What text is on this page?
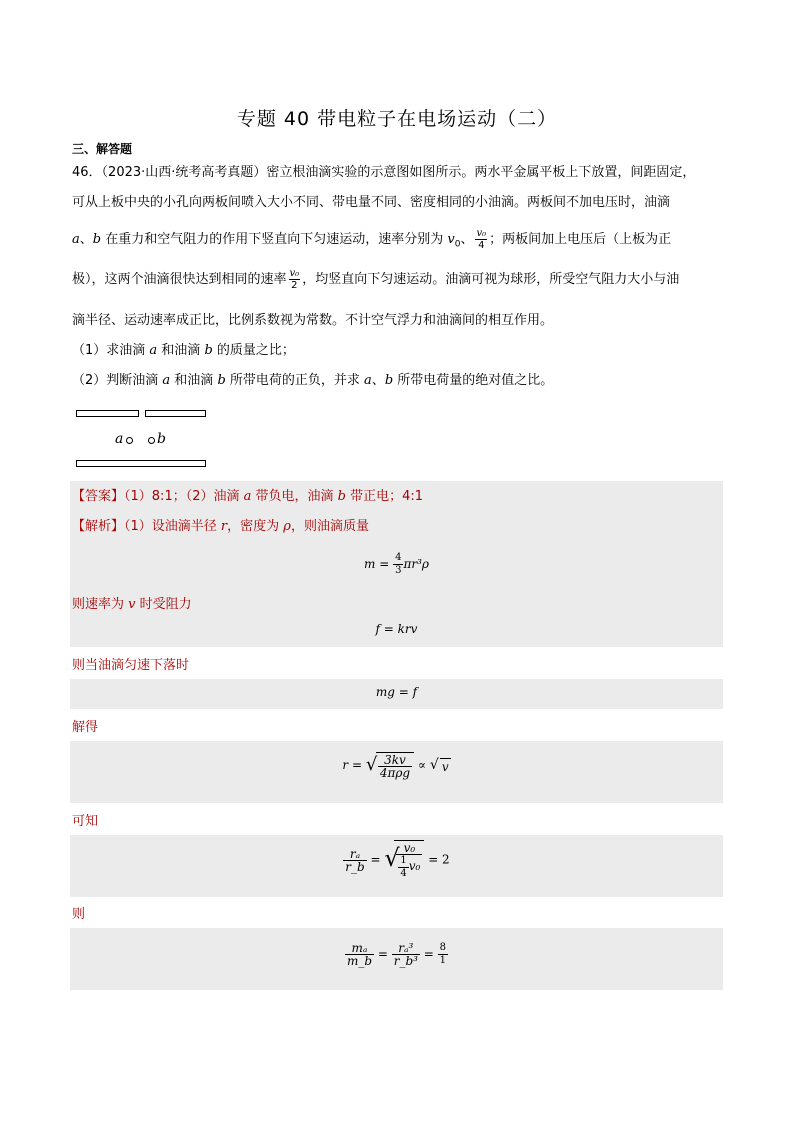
专题 40 带电粒子在电场运动（二）
三、解答题
46．（2023·山西·统考高考真题）密立根油滴实验的示意图如图所示。两水平金属平板上下放置，间距固定，
可从上板中央的小孔向两板间喷入大小不同、带电量不同、密度相同的小油滴。两板间不加电压时，油滴
a、b 在重力和空气阻力的作用下竖直向下匀速运动，速率分别为 $v_0$、 $\frac{\text{v₀}}{4}$ ；两板间加上电压后（上板为正
极），这两个油滴很快达到相同的速率 $\frac{\text{v₀}}{2}$ ，均竖直向下匀速运动。油滴可视为球形，所受空气阻力大小与油
滴半径、运动速率成正比，比例系数视为常数。不计空气浮力和油滴间的相互作用。
（1）求油滴 a 和油滴 b 的质量之比；
（2）判断油滴 a 和油滴 b 所带电荷的正负，并求 a、b 所带电荷量的绝对值之比。
a b
【答案】（1）8:1；（2）油滴 a 带负电，油滴 b 带正电；4:1
【解析】（1）设油滴半径 r，密度为 ρ，则油滴质量
$m = \frac{4}{3} \pi r^3\rho$
则速率为 v 时受阻力
f = krv
则当油滴匀速下落时
mg = f
解得
r = √ $\frac{3kv}{\text{4πρg}}$ ∝ √ v
可知
$\frac{\text{rₐ}}{r\_b}$ = √
$\frac{\text{v₀}}{\frac{1}{4} v_0} = 2$
则
$\frac{\text{mₐ}}{m\_b} = \frac{\text{rₐ³}}{\text{r\_b³}} = \frac{8}{1}$
